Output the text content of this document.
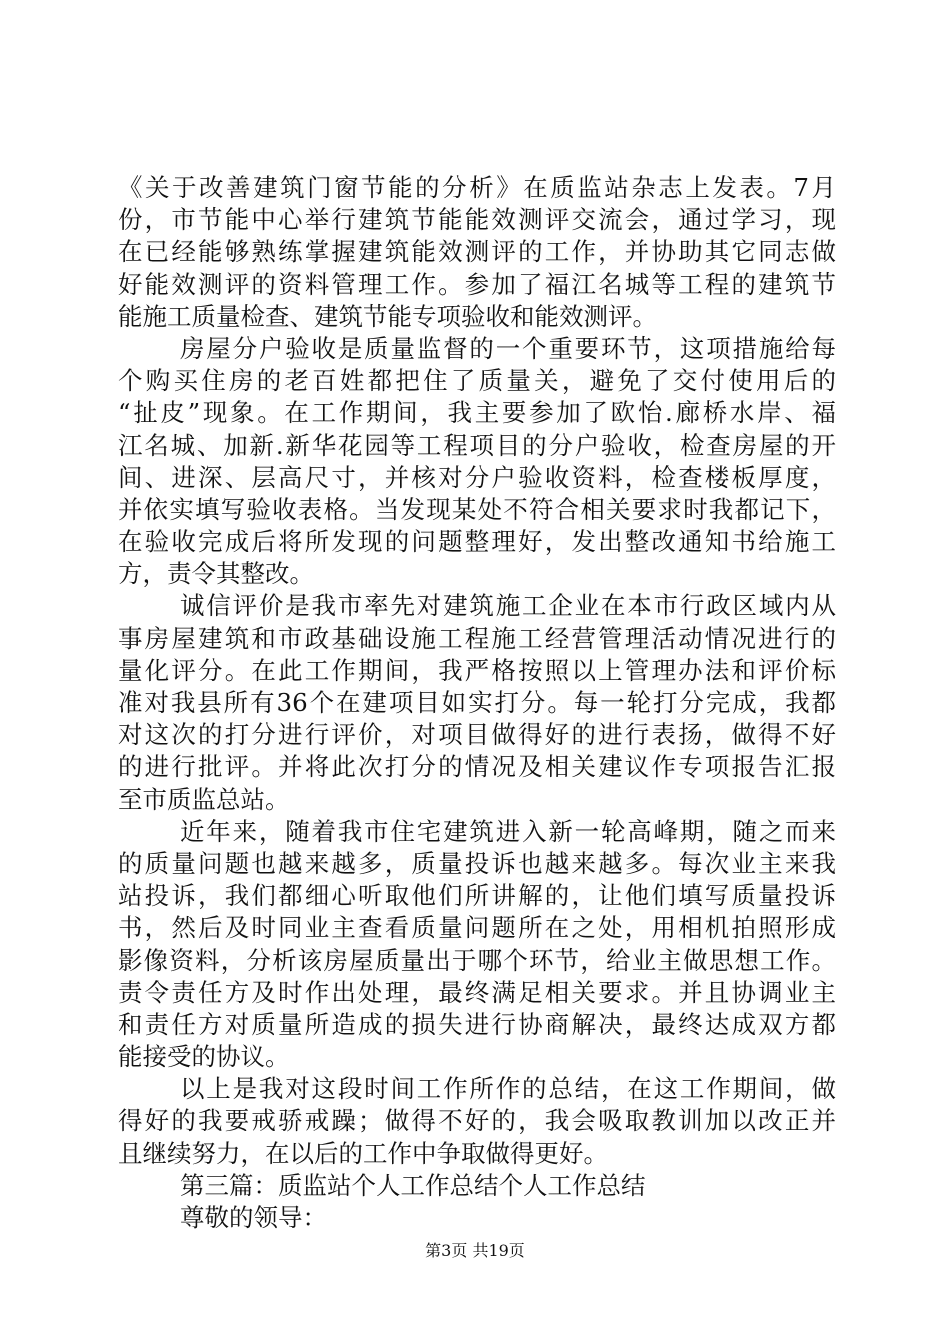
《关于改善建筑门窗节能的分析》在质监站杂志上发表。7月
份，市节能中心举行建筑节能能效测评交流会，通过学习，现
在已经能够熟练掌握建筑能效测评的工作，并协助其它同志做
好能效测评的资料管理工作。参加了福江名城等工程的建筑节
能施工质量检查、建筑节能专项验收和能效测评。
房屋分户验收是质量监督的一个重要环节，这项措施给每
个购买住房的老百姓都把住了质量关，避免了交付使用后的
“扯皮”现象。在工作期间，我主要参加了欧怡.廊桥水岸、福
江名城、加新.新华花园等工程项目的分户验收，检查房屋的开
间、进深、层高尺寸，并核对分户验收资料，检查楼板厚度，
并依实填写验收表格。当发现某处不符合相关要求时我都记下，
在验收完成后将所发现的问题整理好，发出整改通知书给施工
方，责令其整改。
诚信评价是我市率先对建筑施工企业在本市行政区域内从
事房屋建筑和市政基础设施工程施工经营管理活动情况进行的
量化评分。在此工作期间，我严格按照以上管理办法和评价标
准对我县所有36个在建项目如实打分。每一轮打分完成，我都
对这次的打分进行评价，对项目做得好的进行表扬，做得不好
的进行批评。并将此次打分的情况及相关建议作专项报告汇报
至市质监总站。
近年来，随着我市住宅建筑进入新一轮高峰期，随之而来
的质量问题也越来越多，质量投诉也越来越多。每次业主来我
站投诉，我们都细心听取他们所讲解的，让他们填写质量投诉
书，然后及时同业主查看质量问题所在之处，用相机拍照形成
影像资料，分析该房屋质量出于哪个环节，给业主做思想工作。
责令责任方及时作出处理，最终满足相关要求。并且协调业主
和责任方对质量所造成的损失进行协商解决，最终达成双方都
能接受的协议。
以上是我对这段时间工作所作的总结，在这工作期间，做
得好的我要戒骄戒躁；做得不好的，我会吸取教训加以改正并
且继续努力，在以后的工作中争取做得更好。
第三篇：质监站个人工作总结个人工作总结
尊敬的领导：
第3页 共19页
